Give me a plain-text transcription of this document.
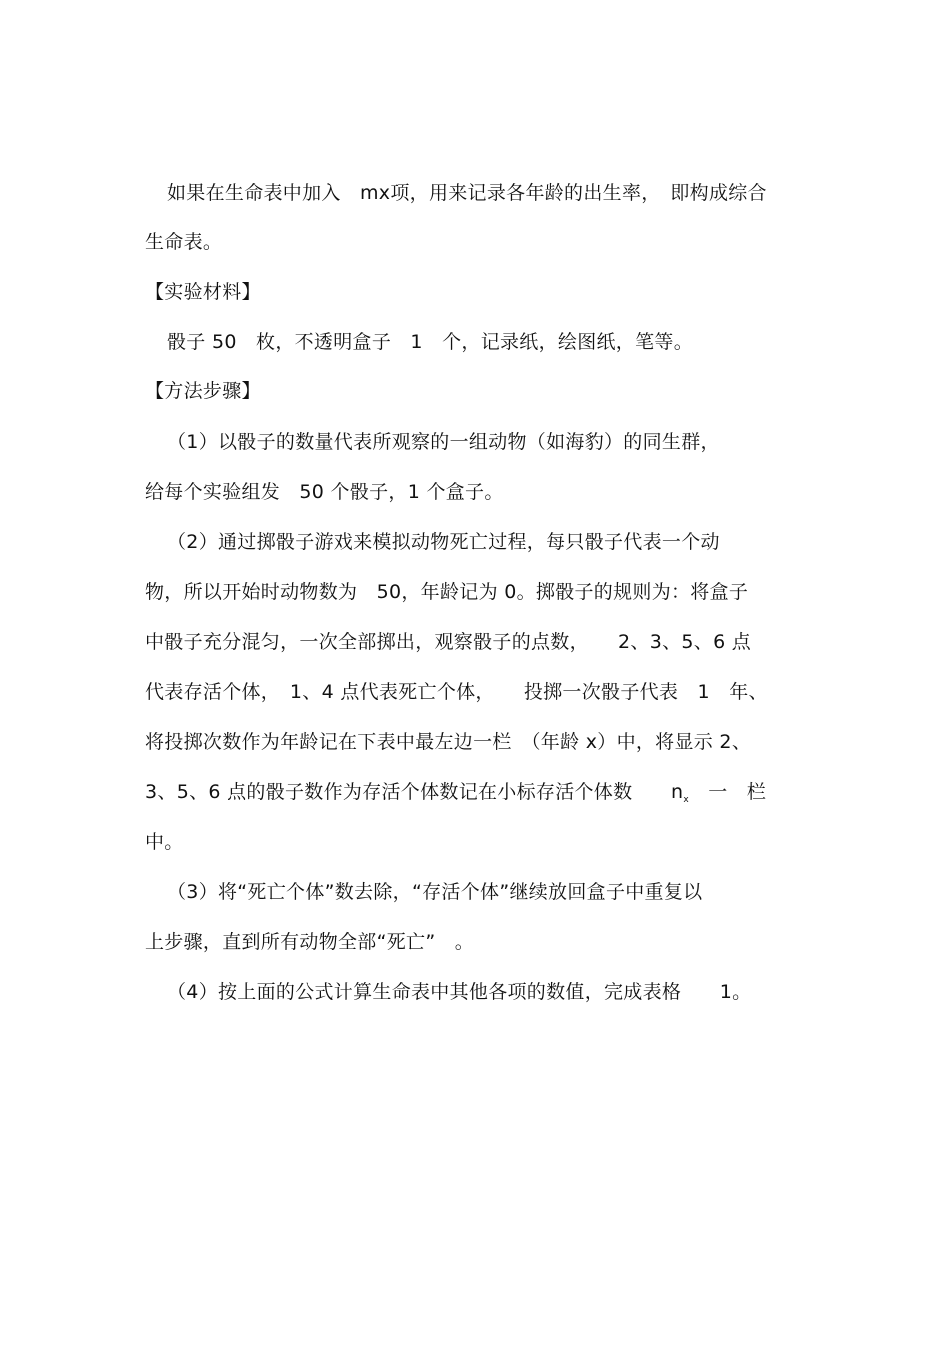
如果在生命表中加入　mx项，用来记录各年龄的出生率，　即构成综合
生命表。
【实验材料】
骰子 50　枚，不透明盒子　1　个，记录纸，绘图纸，笔等。
【方法步骤】
（1）以骰子的数量代表所观察的一组动物（如海豹）的同生群，
给每个实验组发　50 个骰子，1 个盒子。
（2）通过掷骰子游戏来模拟动物死亡过程，每只骰子代表一个动
物，所以开始时动物数为　50，年龄记为 0。掷骰子的规则为：将盒子
中骰子充分混匀，一次全部掷出，观察骰子的点数，　　2、3、5、6 点
代表存活个体，　1、4 点代表死亡个体，　　投掷一次骰子代表　1　年、
将投掷次数作为年龄记在下表中最左边一栏　（年龄 x）中，将显示 2、
3、5、6 点的骰子数作为存活个体数记在小标存活个体数　　$n_x$　一　栏
中。
（3）将“死亡个体”数去除，“存活个体”继续放回盒子中重复以
上步骤，直到所有动物全部“死亡”　。
（4）按上面的公式计算生命表中其他各项的数值，完成表格　　1。
